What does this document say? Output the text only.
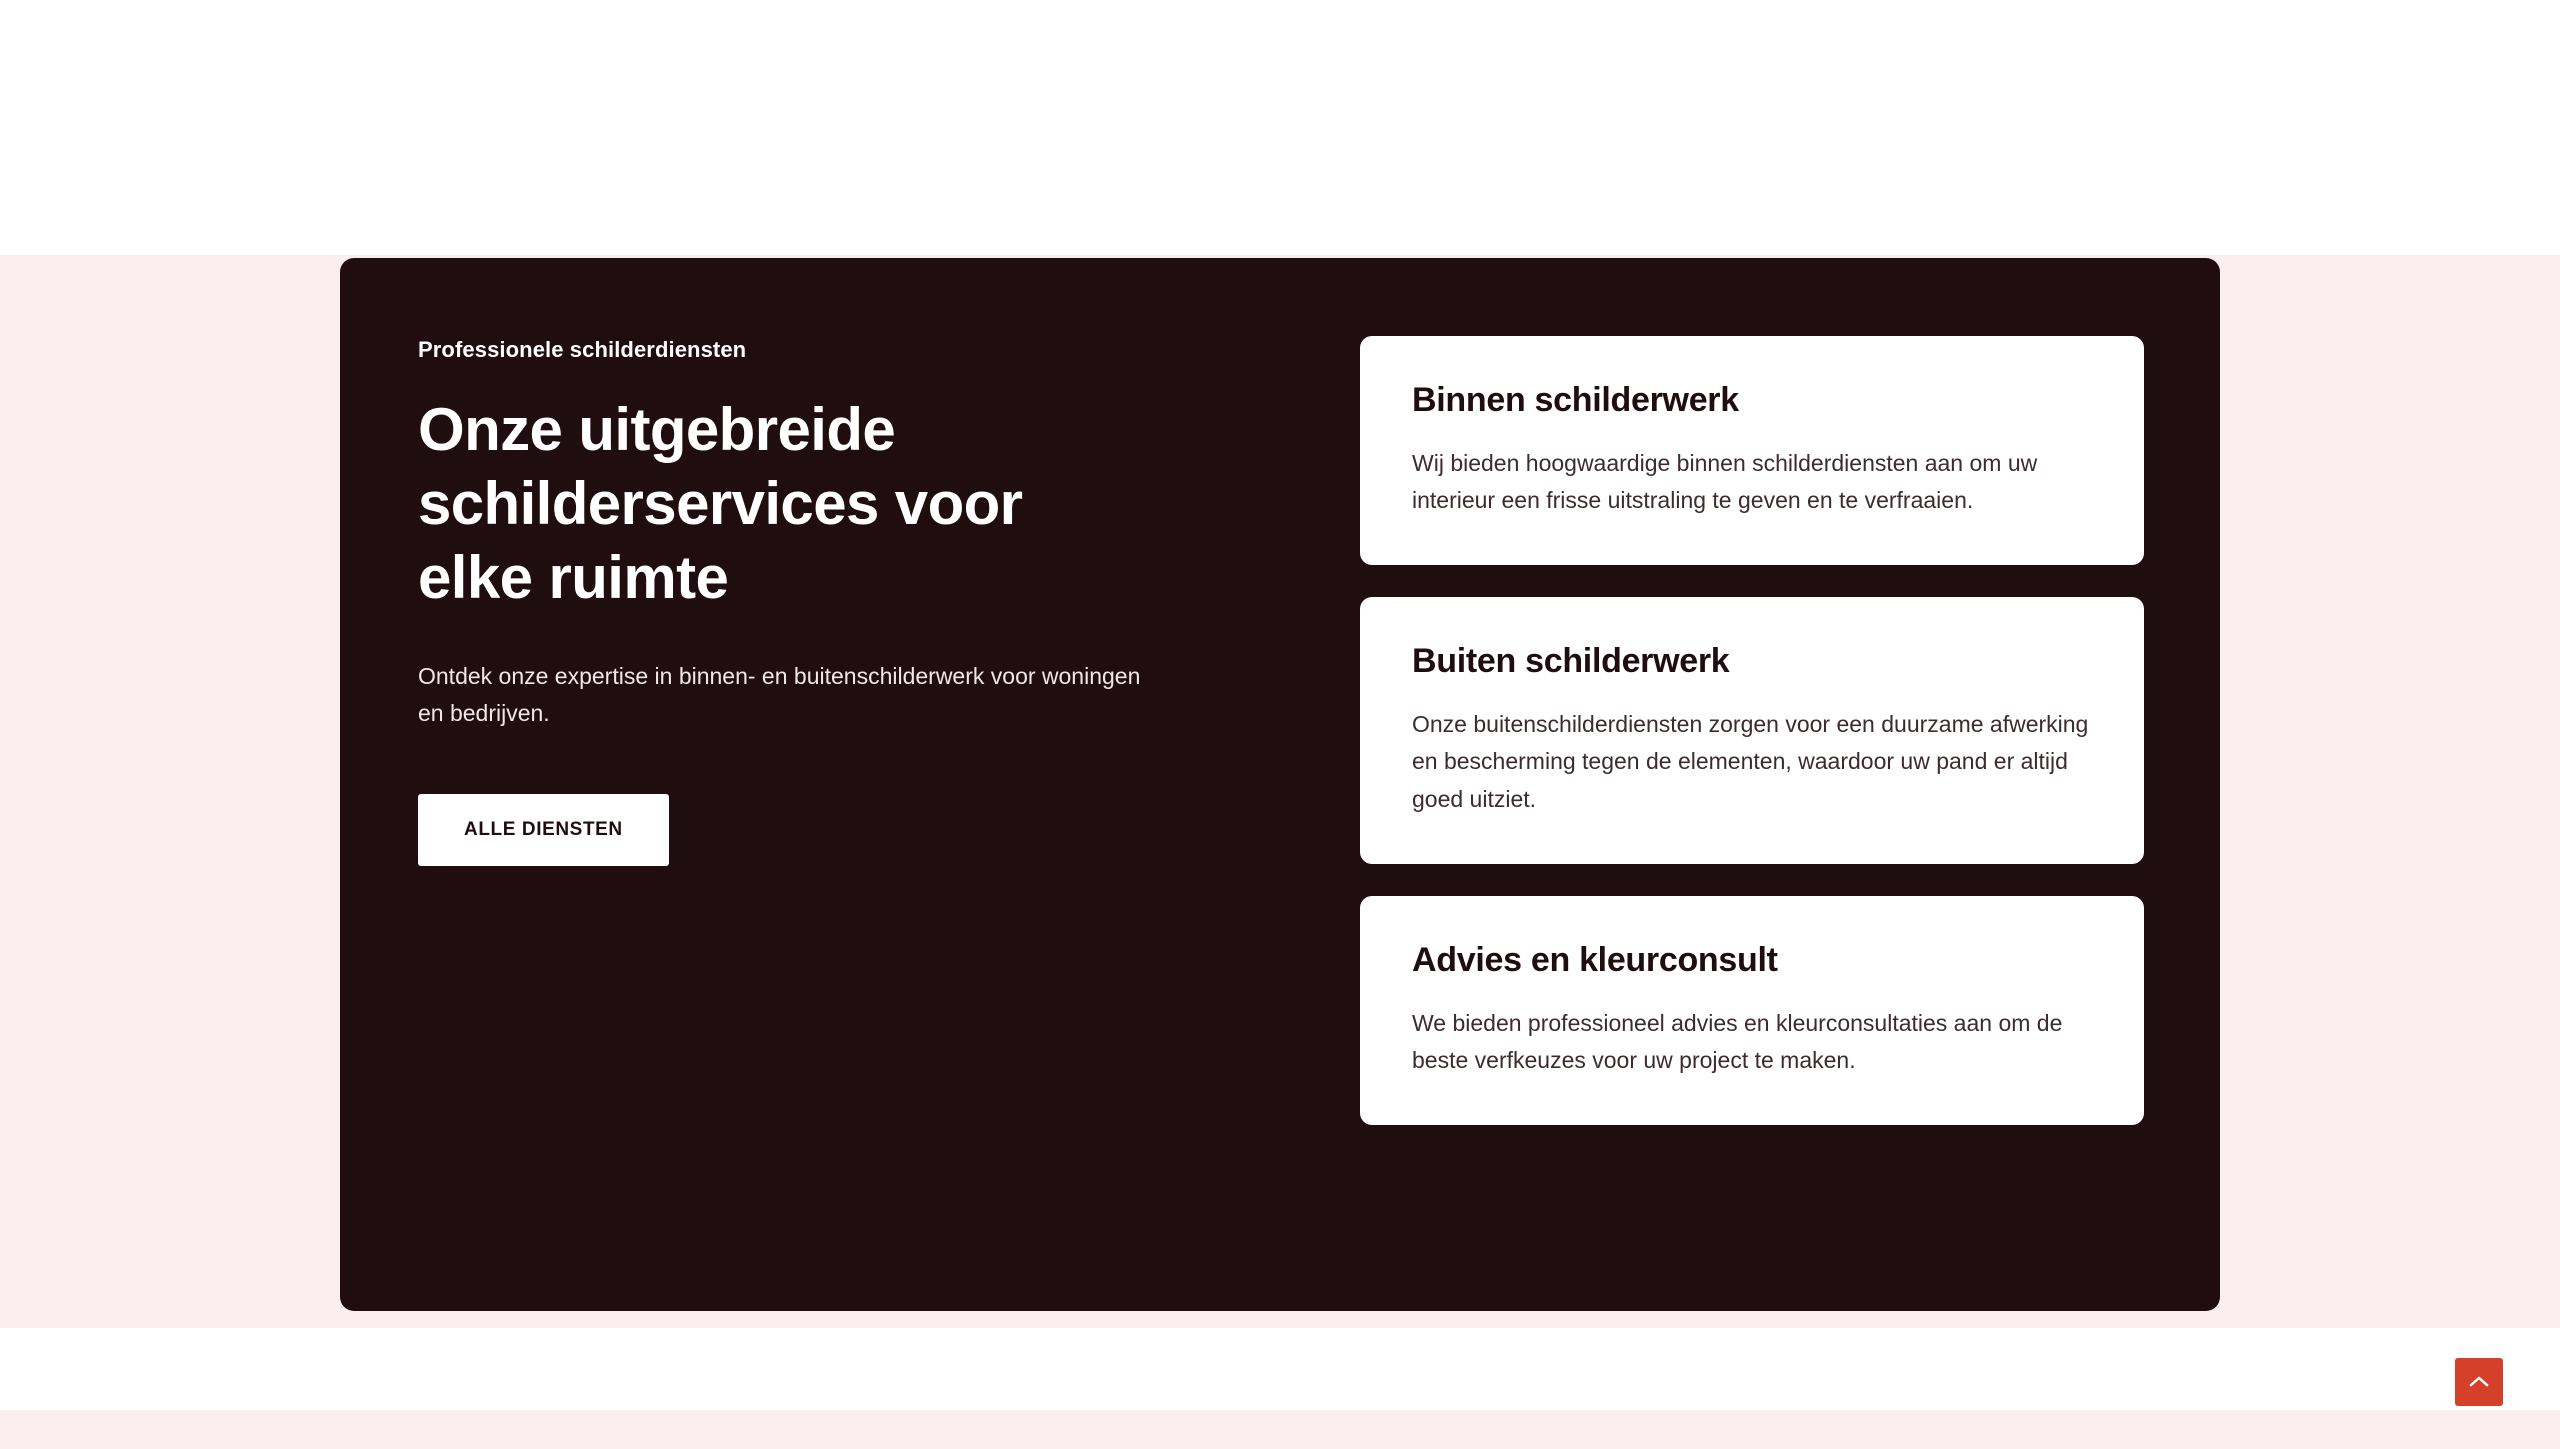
Professionele schilderdiensten

Onze uitgebreide schilderservices voor elke ruimte

Ontdek onze expertise in binnen- en buitenschilderwerk voor woningen en bedrijven.

ALLE DIENSTEN
Binnen schilderwerk

Wij bieden hoogwaardige binnen schilderdiensten aan om uw interieur een frisse uitstraling te geven en te verfraaien.

Buiten schilderwerk

Onze buitenschilderdiensten zorgen voor een duurzame afwerking en bescherming tegen de elementen, waardoor uw pand er altijd goed uitziet.

Advies en kleurconsult

We bieden professioneel advies en kleurconsultaties aan om de beste verfkeuzes voor uw project te maken.
